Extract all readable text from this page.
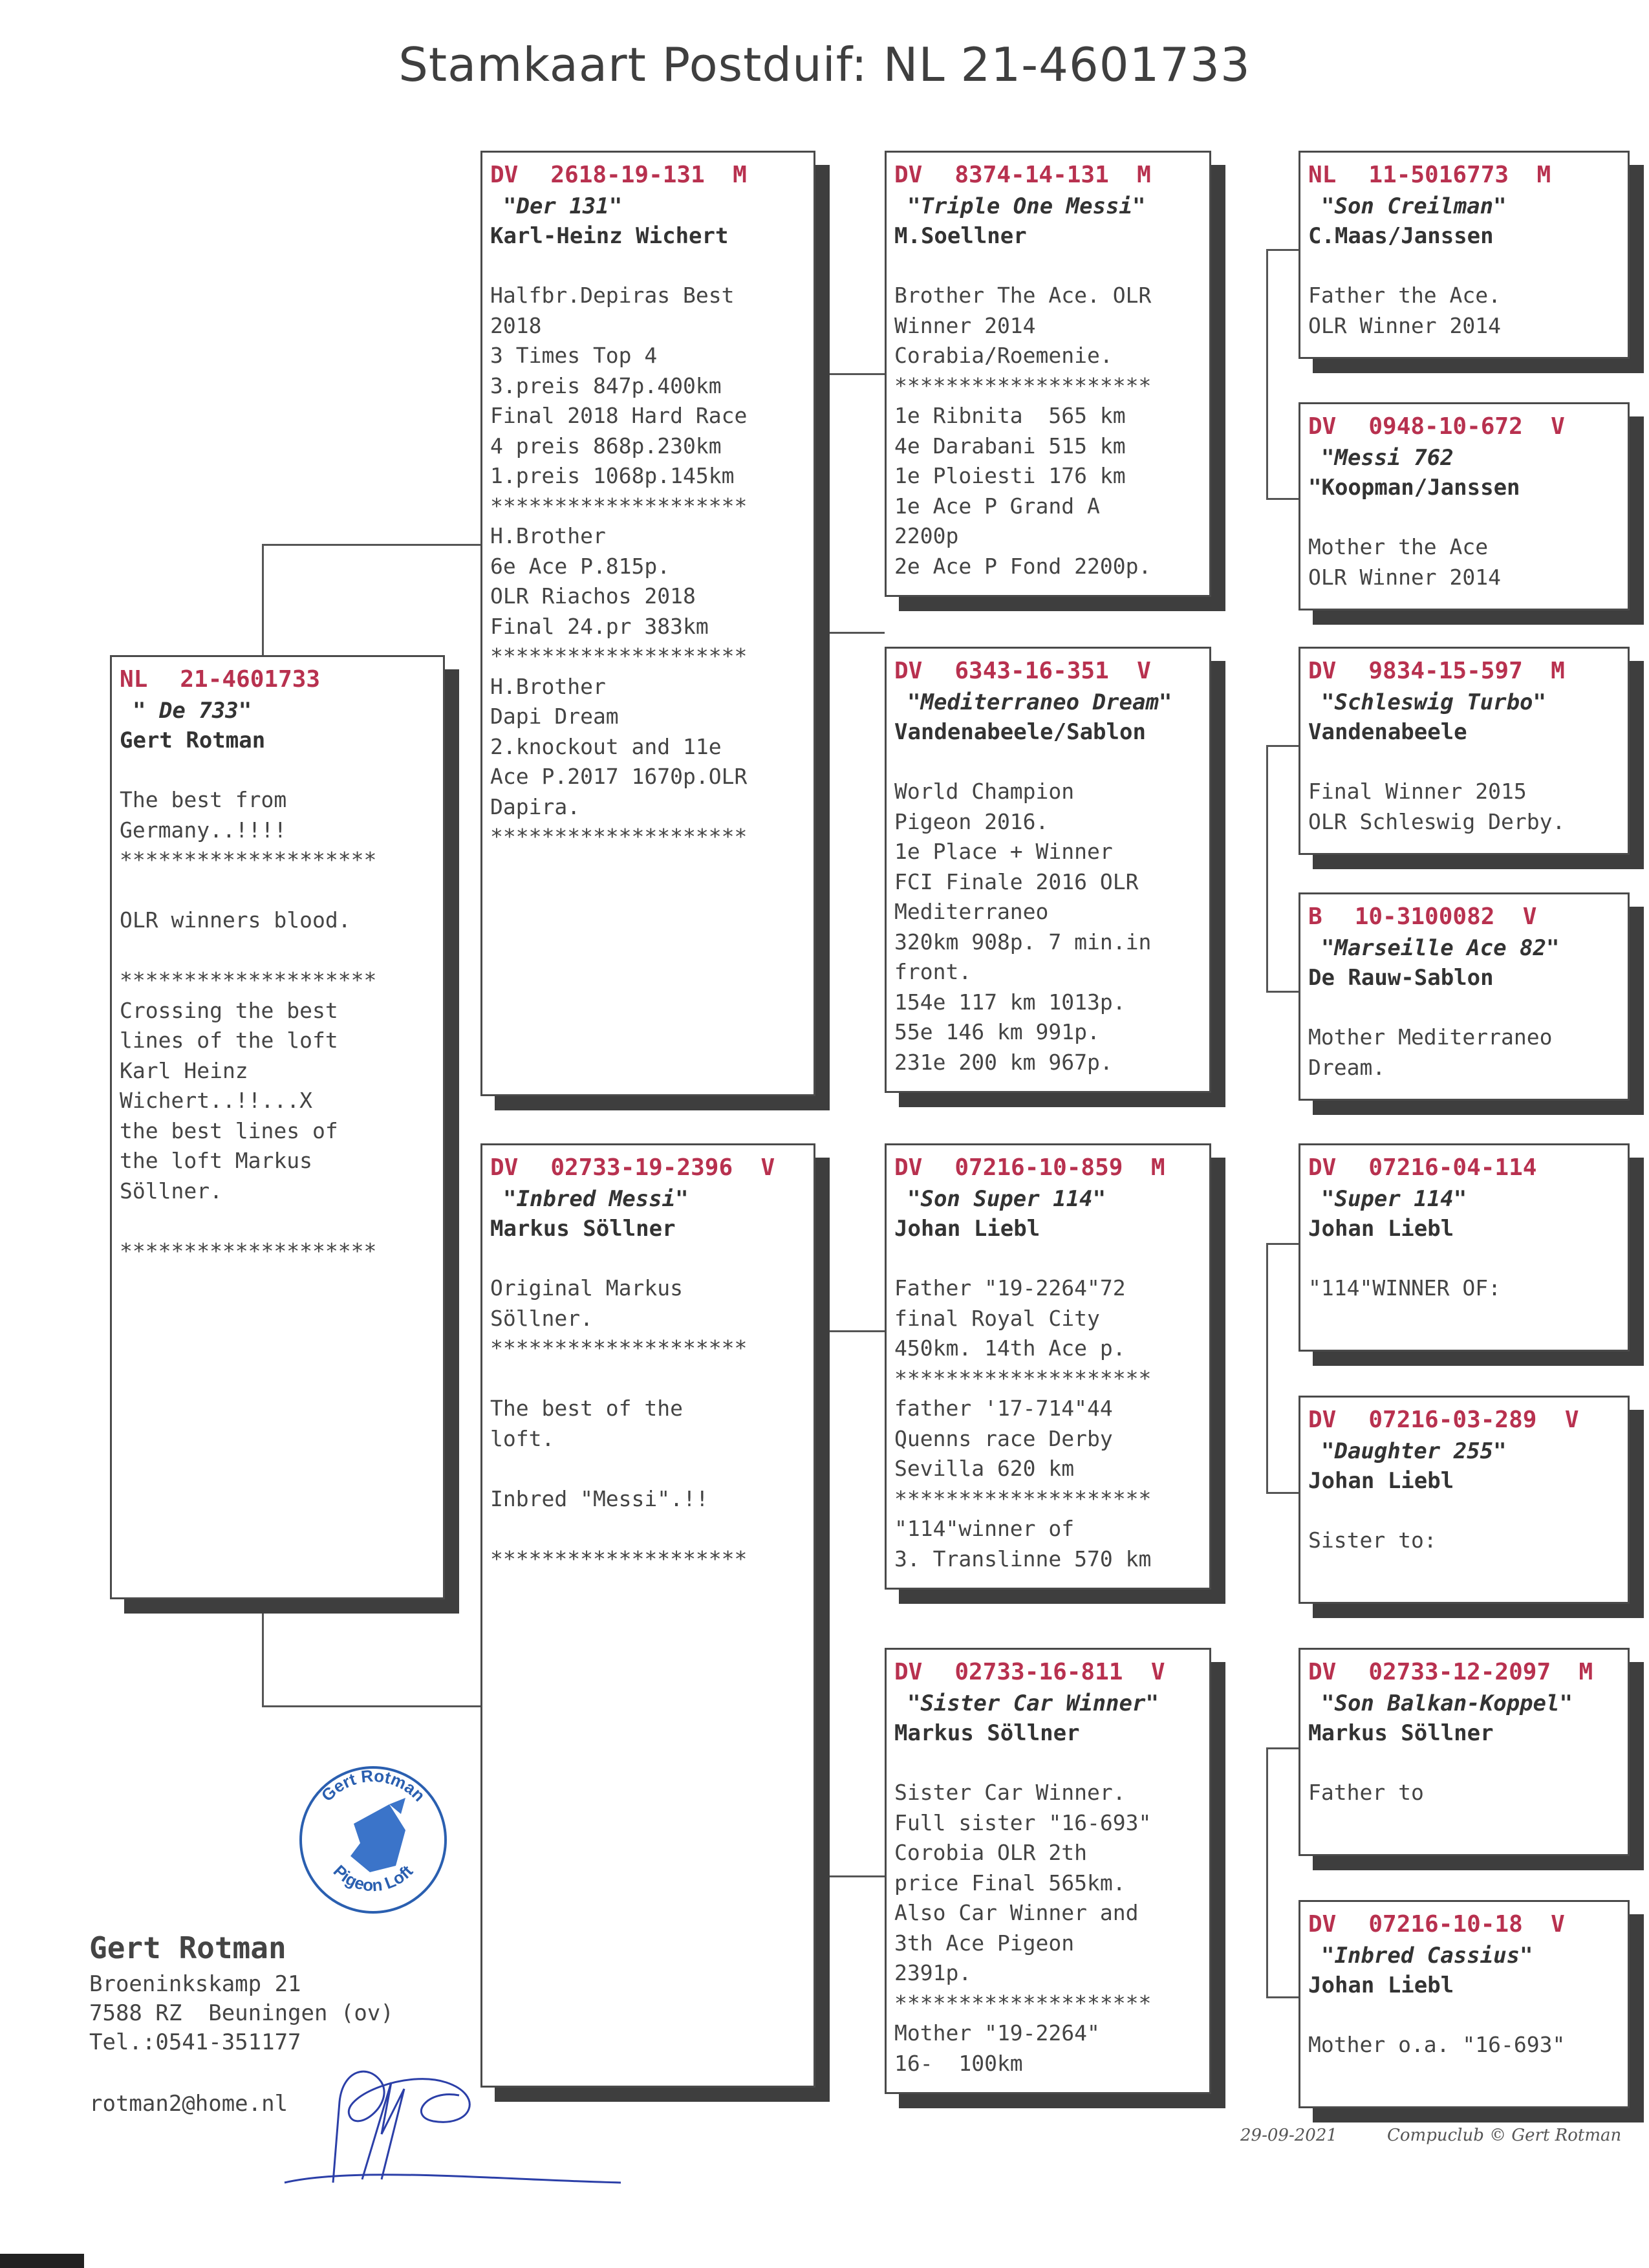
Stamkaart Postduif: NL 21-4601733
NL 21-4601733
" De 733"
Gert Rotman
The best from
Germany..!!!!
********************

OLR winners blood.

********************
Crossing the best
lines of the loft
Karl Heinz
Wichert..!!...X
the best lines of
the loft Markus
Söllner.

********************
DV 2618-19-131 M
"Der 131"
Karl-Heinz Wichert
Halfbr.Depiras Best
2018
3 Times Top 4
3.preis 847p.400km
Final 2018 Hard Race
4 preis 868p.230km
1.preis 1068p.145km
********************
H.Brother
6e Ace P.815p.
OLR Riachos 2018
Final 24.pr 383km
********************
H.Brother
Dapi Dream
2.knockout and 11e
Ace P.2017 1670p.OLR
Dapira.
********************
DV 02733-19-2396 V
"Inbred Messi"
Markus Söllner
Original Markus
Söllner.
********************

The best of the
loft.

Inbred "Messi".!!

********************
DV 8374-14-131 M
"Triple One Messi"
M.Soellner
Brother The Ace. OLR
Winner 2014
Corabia/Roemenie.
********************
1e Ribnita  565 km
4e Darabani 515 km
1e Ploiesti 176 km
1e Ace P Grand A
2200p
2e Ace P Fond 2200p.
DV 6343-16-351 V
"Mediterraneo Dream"
Vandenabeele/Sablon
World Champion
Pigeon 2016.
1e Place + Winner
FCI Finale 2016 OLR
Mediterraneo
320km 908p. 7 min.in
front.
154e 117 km 1013p.
55e 146 km 991p.
231e 200 km 967p.
DV 07216-10-859 M
"Son Super 114"
Johan Liebl
Father "19-2264"72
final Royal City
450km. 14th Ace p.
********************
father '17-714"44
Quenns race Derby
Sevilla 620 km
********************
"114"winner of
3. Translinne 570 km
DV 02733-16-811 V
"Sister Car Winner"
Markus Söllner
Sister Car Winner.
Full sister "16-693"
Corobia OLR 2th
price Final 565km.
Also Car Winner and
3th Ace Pigeon
2391p.
********************
Mother "19-2264"
16-  100km
NL 11-5016773 M
"Son Creilman"
C.Maas/Janssen
Father the Ace.
OLR Winner 2014
DV 0948-10-672 V
"Messi 762
"Koopman/Janssen
Mother the Ace
OLR Winner 2014
DV 9834-15-597 M
"Schleswig Turbo"
Vandenabeele
Final Winner 2015
OLR Schleswig Derby.
B 10-3100082 V
"Marseille Ace 82"
De Rauw-Sablon
Mother Mediterraneo
Dream.
DV 07216-04-114
"Super 114"
Johan Liebl
"114"WINNER OF:
DV 07216-03-289 V
"Daughter 255"
Johan Liebl
Sister to:
DV 02733-12-2097 M
"Son Balkan-Koppel"
Markus Söllner
Father to
DV 07216-10-18 V
"Inbred Cassius"
Johan Liebl
Mother o.a. "16-693"
Gert Rotman
Pigeon Loft
Gert Rotman
Broeninkskamp 21
7588 RZ  Beuningen (ov)
Tel.:0541-351177
rotman2@home.nl
29-09-2021	Compuclub © Gert Rotman
